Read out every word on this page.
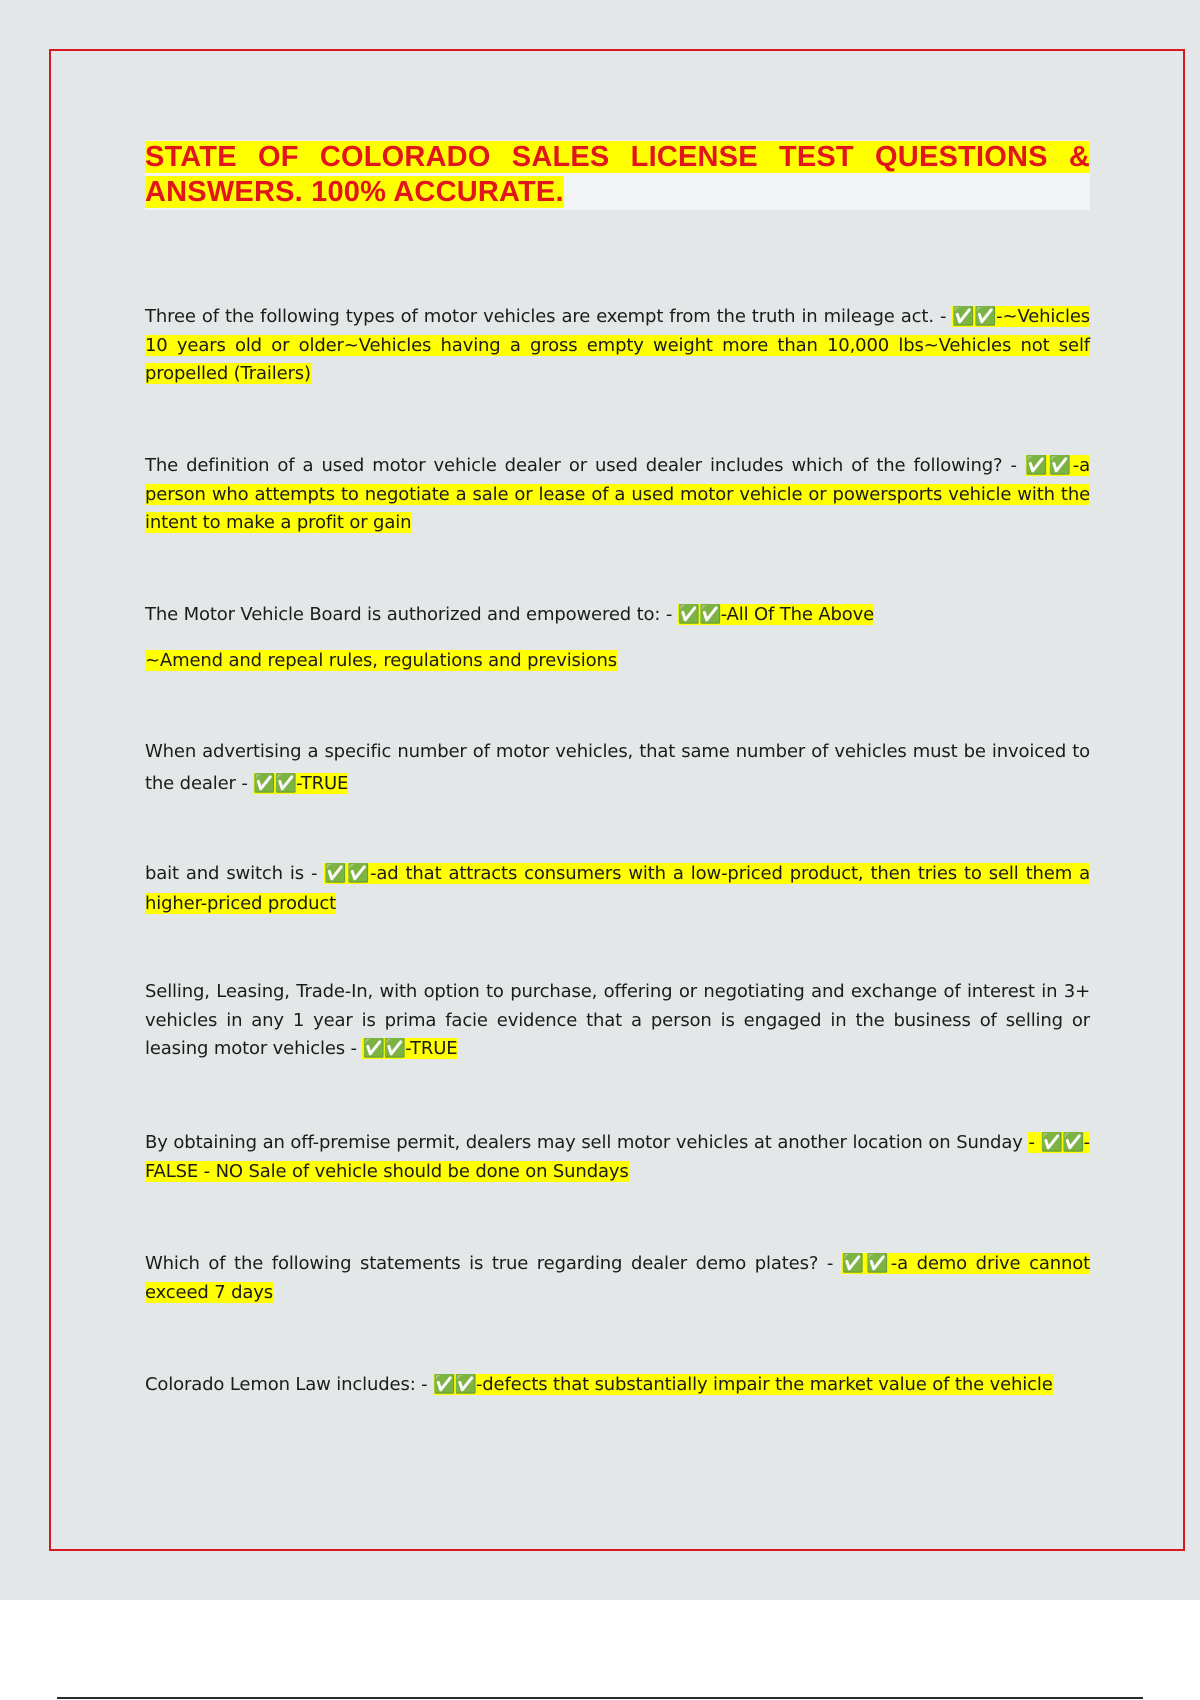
STATE OF COLORADO SALES LICENSE TEST QUESTIONS & ANSWERS. 100% ACCURATE.

Three of the following types of motor vehicles are exempt from the truth in mileage act. - ✅✅-~Vehicles 10 years old or older~Vehicles having a gross empty weight more than 10,000 lbs~Vehicles not self propelled (Trailers)

The definition of a used motor vehicle dealer or used dealer includes which of the following? - ✅✅-a person who attempts to negotiate a sale or lease of a used motor vehicle or powersports vehicle with the intent to make a profit or gain

The Motor Vehicle Board is authorized and empowered to: - ✅✅-All Of The Above

~Amend and repeal rules, regulations and previsions

When advertising a specific number of motor vehicles, that same number of vehicles must be invoiced to the dealer - ✅✅-TRUE

bait and switch is - ✅✅-ad that attracts consumers with a low-priced product, then tries to sell them a higher-priced product

Selling, Leasing, Trade-In, with option to purchase, offering or negotiating and exchange of interest in 3+ vehicles in any 1 year is prima facie evidence that a person is engaged in the business of selling or leasing motor vehicles - ✅✅-TRUE

By obtaining an off-premise permit, dealers may sell motor vehicles at another location on Sunday - ✅✅-FALSE - NO Sale of vehicle should be done on Sundays

Which of the following statements is true regarding dealer demo plates? - ✅✅-a demo drive cannot exceed 7 days

Colorado Lemon Law includes: - ✅✅-defects that substantially impair the market value of the vehicle
